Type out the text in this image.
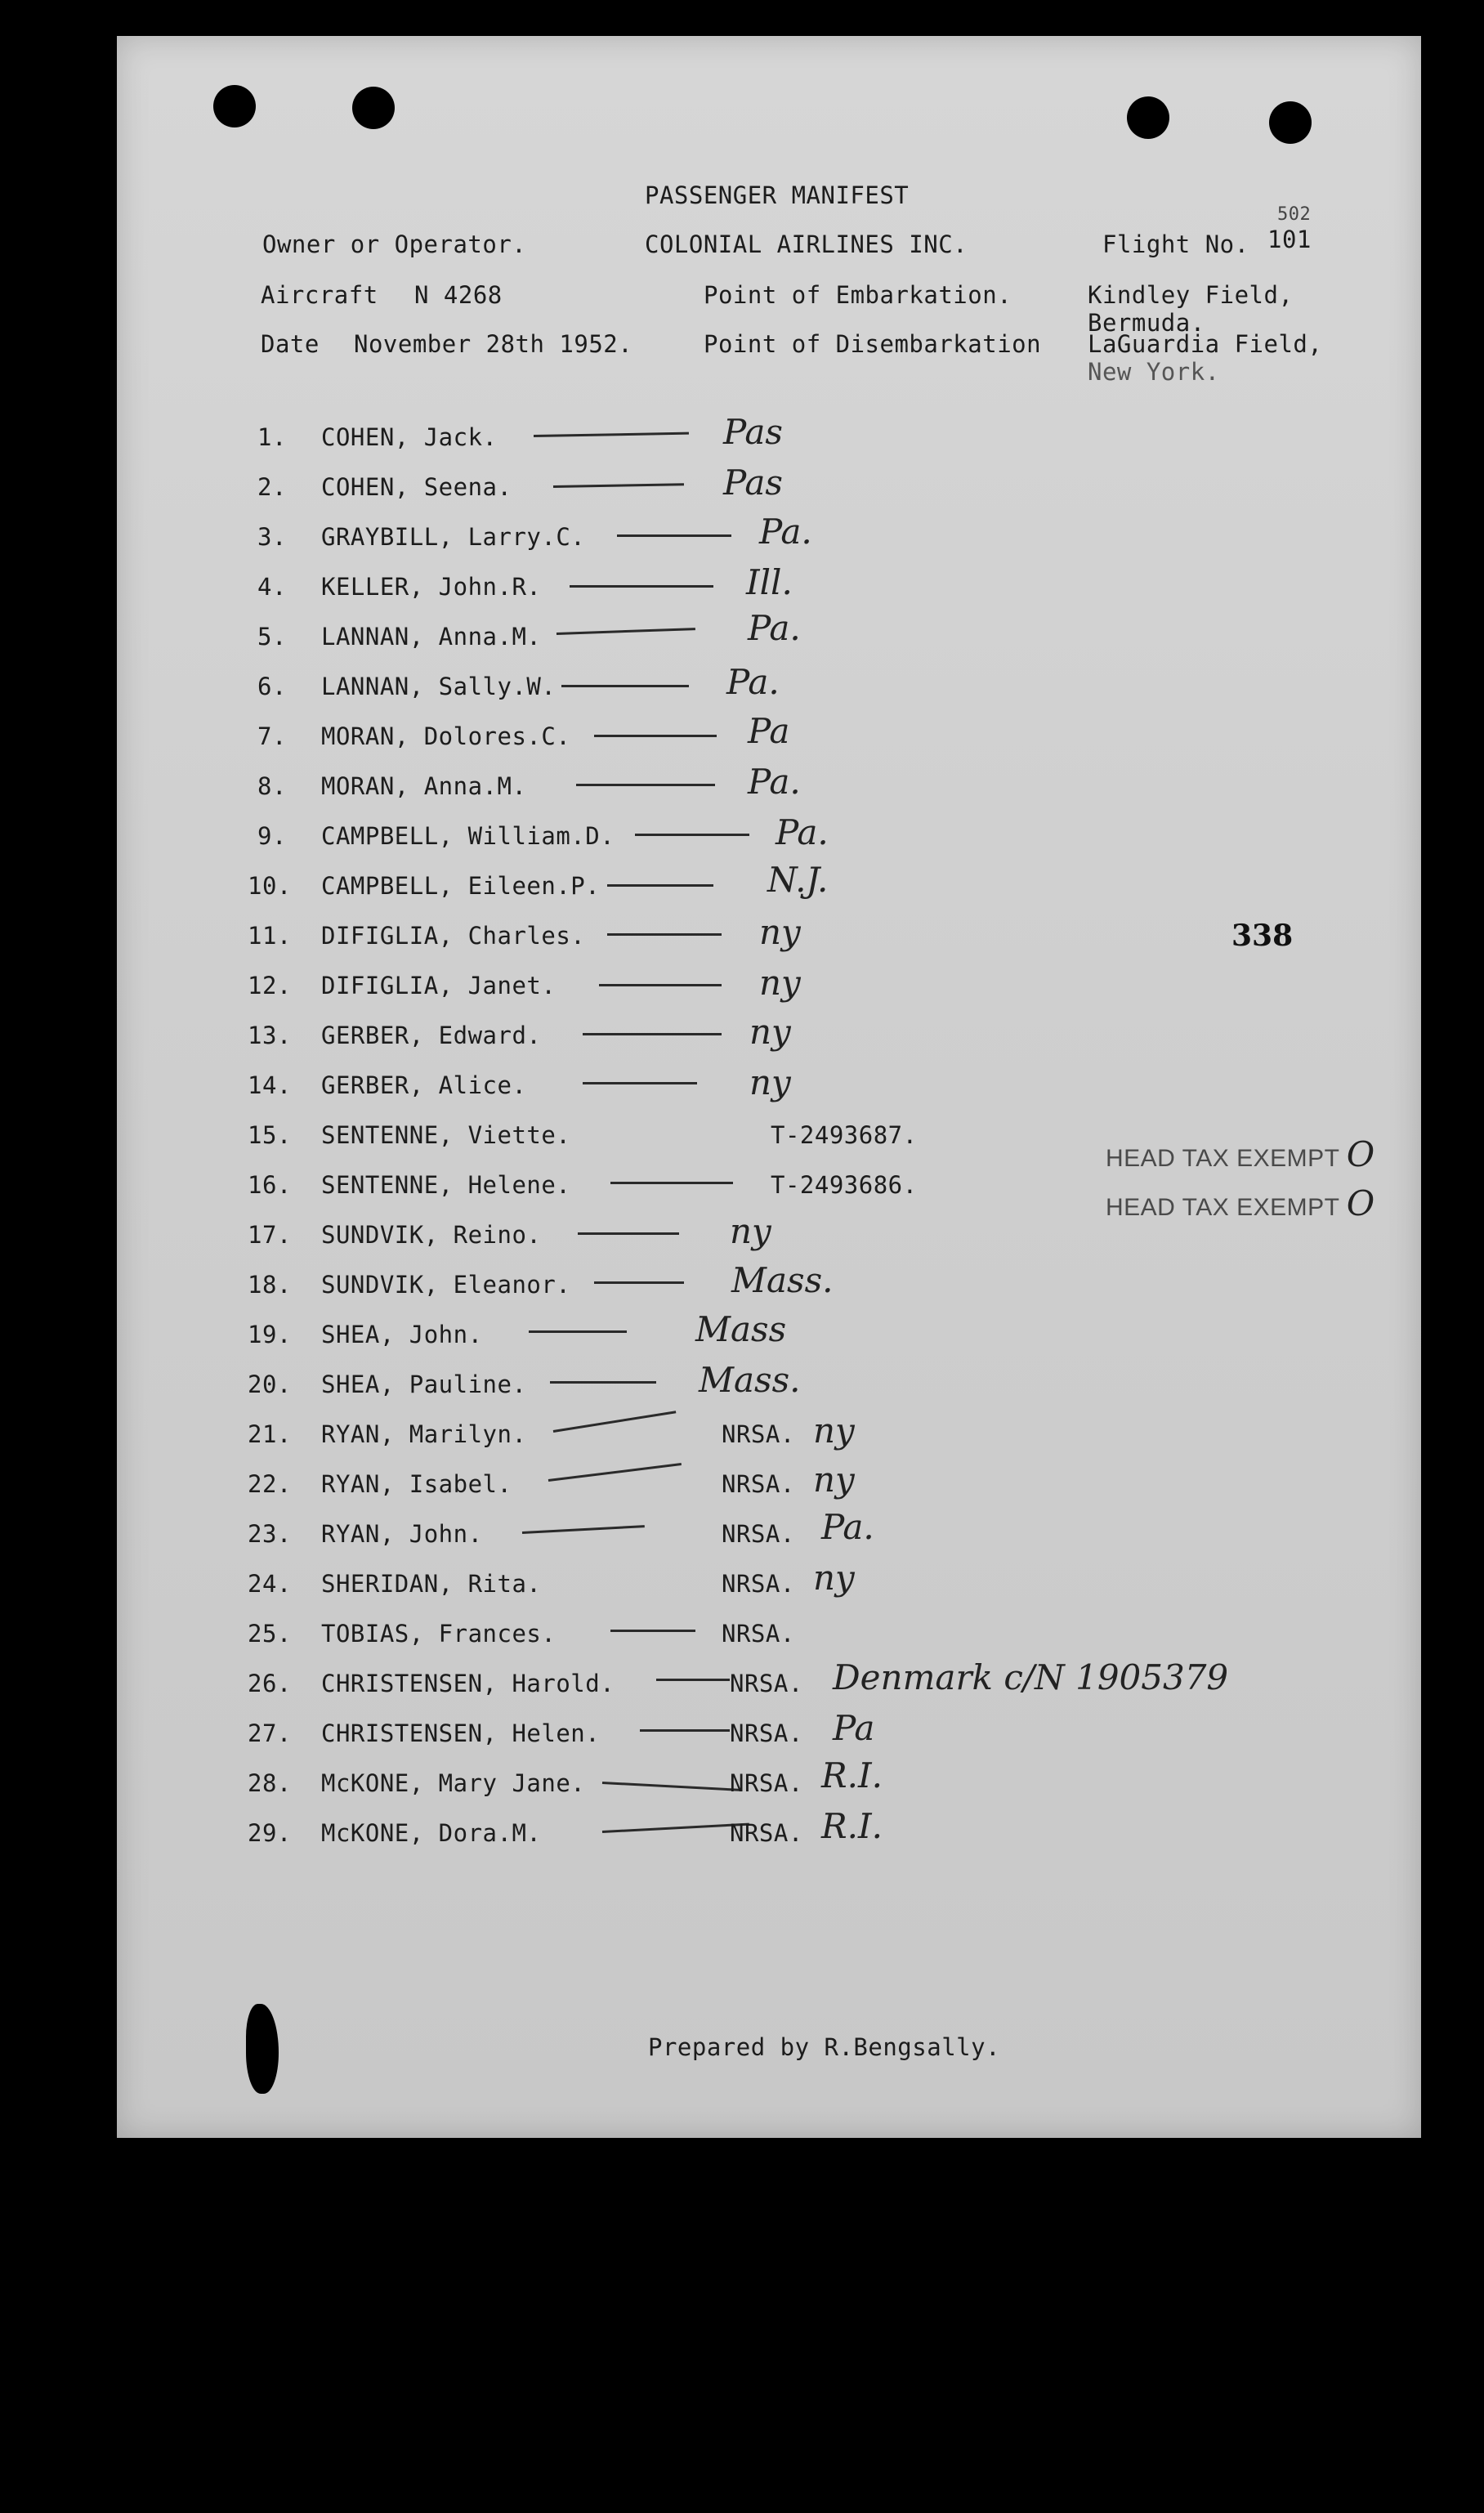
PASSENGER MANIFEST
502
Owner or Operator.	COLONIAL AIRLINES INC.	Flight No. 101
Aircraft N 4268	Point of Embarkation.	Kindley Field,
Bermuda.
Date November 28th 1952.	Point of Disembarkation LaGuardia Field,
New York.
1. COHEN, Jack.	Pas
2. COHEN, Seena.	Pas
3. GRAYBILL, Larry.C.	Pa.
4. KELLER, John.R.	Ill.
5. LANNAN, Anna.M.	Pa.
6. LANNAN, Sally.W.	Pa.
7. MORAN, Dolores.C.	Pa
8. MORAN, Anna.M.	Pa.
9. CAMPBELL, William.D.	Pa.
10. CAMPBELL, Eileen.P.	N.J.
11. DIFIGLIA, Charles.	ny
12. DIFIGLIA, Janet.	ny
13. GERBER, Edward.	ny
14. GERBER, Alice.	ny
15. SENTENNE, Viette.	T-2493687.
16. SENTENNE, Helene.	T-2493686.
17. SUNDVIK, Reino.	ny
18. SUNDVIK, Eleanor.	Mass.
19. SHEA, John.	Mass
20. SHEA, Pauline.	Mass.
21. RYAN, Marilyn.	NRSA. ny
22. RYAN, Isabel.	NRSA. ny
23. RYAN, John.	NRSA. Pa.
24. SHERIDAN, Rita.	NRSA. ny
25. TOBIAS, Frances.	NRSA.
26. CHRISTENSEN, Harold.	NRSA. Denmark c/N 1905379
27. CHRISTENSEN, Helen.	NRSA. Pa
28. McKONE, Mary Jane.	NRSA. R.I.
29. McKONE, Dora.M.	NRSA. R.I.
338
HEAD TAX EXEMPT O
HEAD TAX EXEMPT O
Prepared by R.Bengsally.
